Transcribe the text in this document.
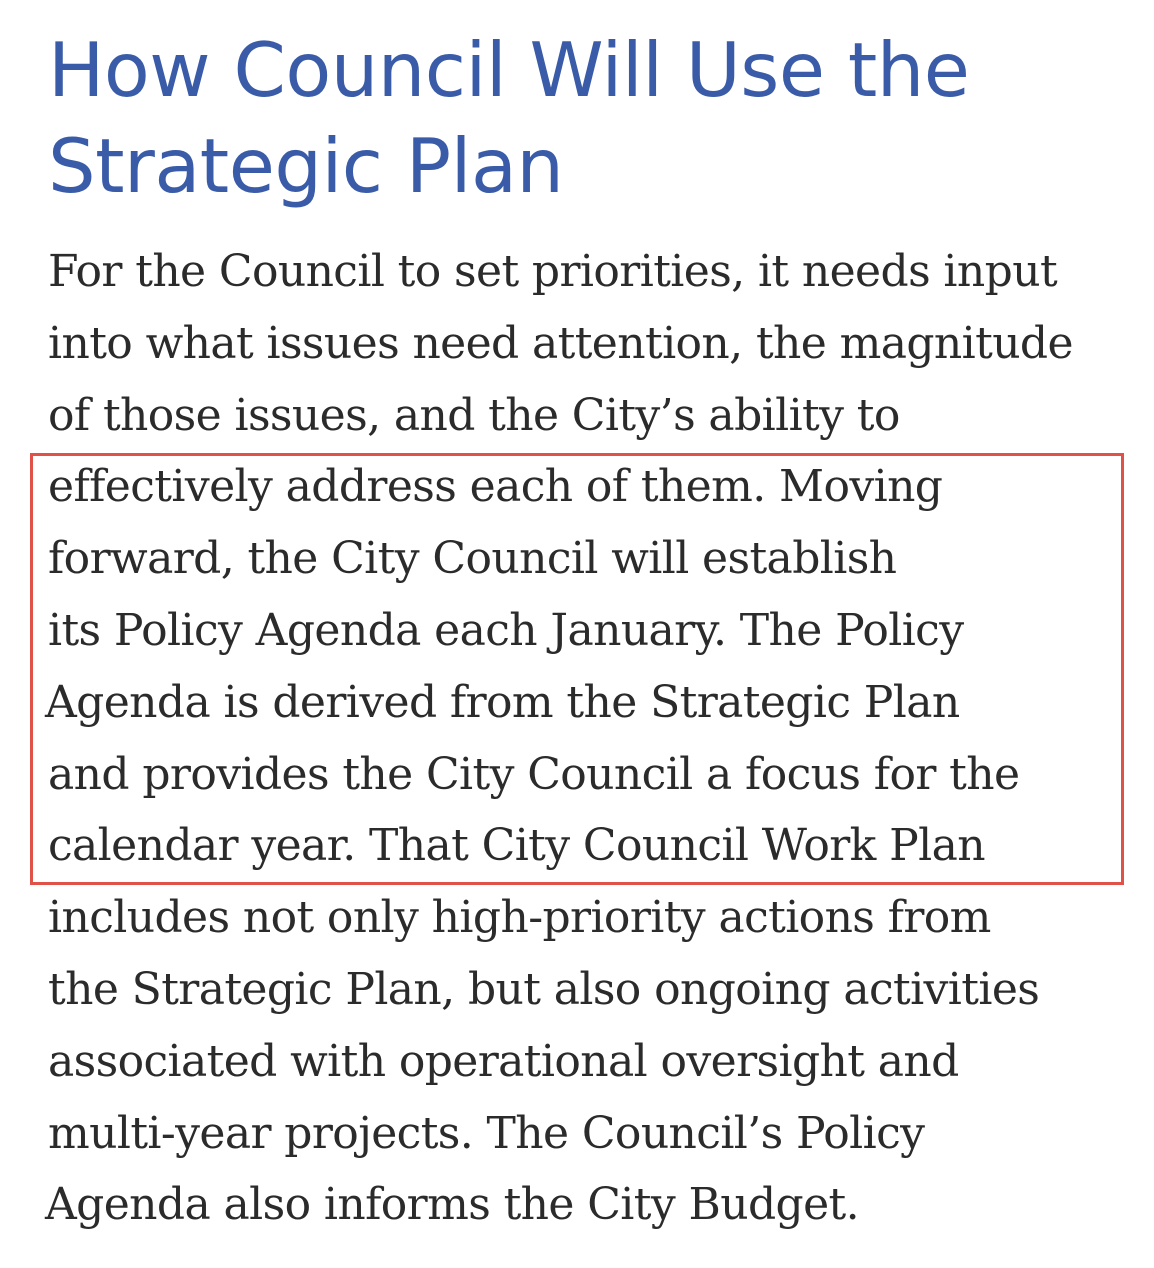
How Council Will Use the
Strategic Plan

For the Council to set priorities, it needs input
into what issues need attention, the magnitude
of those issues, and the City’s ability to
effectively address each of them. Moving
forward, the City Council will establish
its Policy Agenda each January. The Policy
Agenda is derived from the Strategic Plan
and provides the City Council a focus for the
calendar year. That City Council Work Plan
includes not only high-priority actions from
the Strategic Plan, but also ongoing activities
associated with operational oversight and
multi-year projects. The Council’s Policy
Agenda also informs the City Budget.
